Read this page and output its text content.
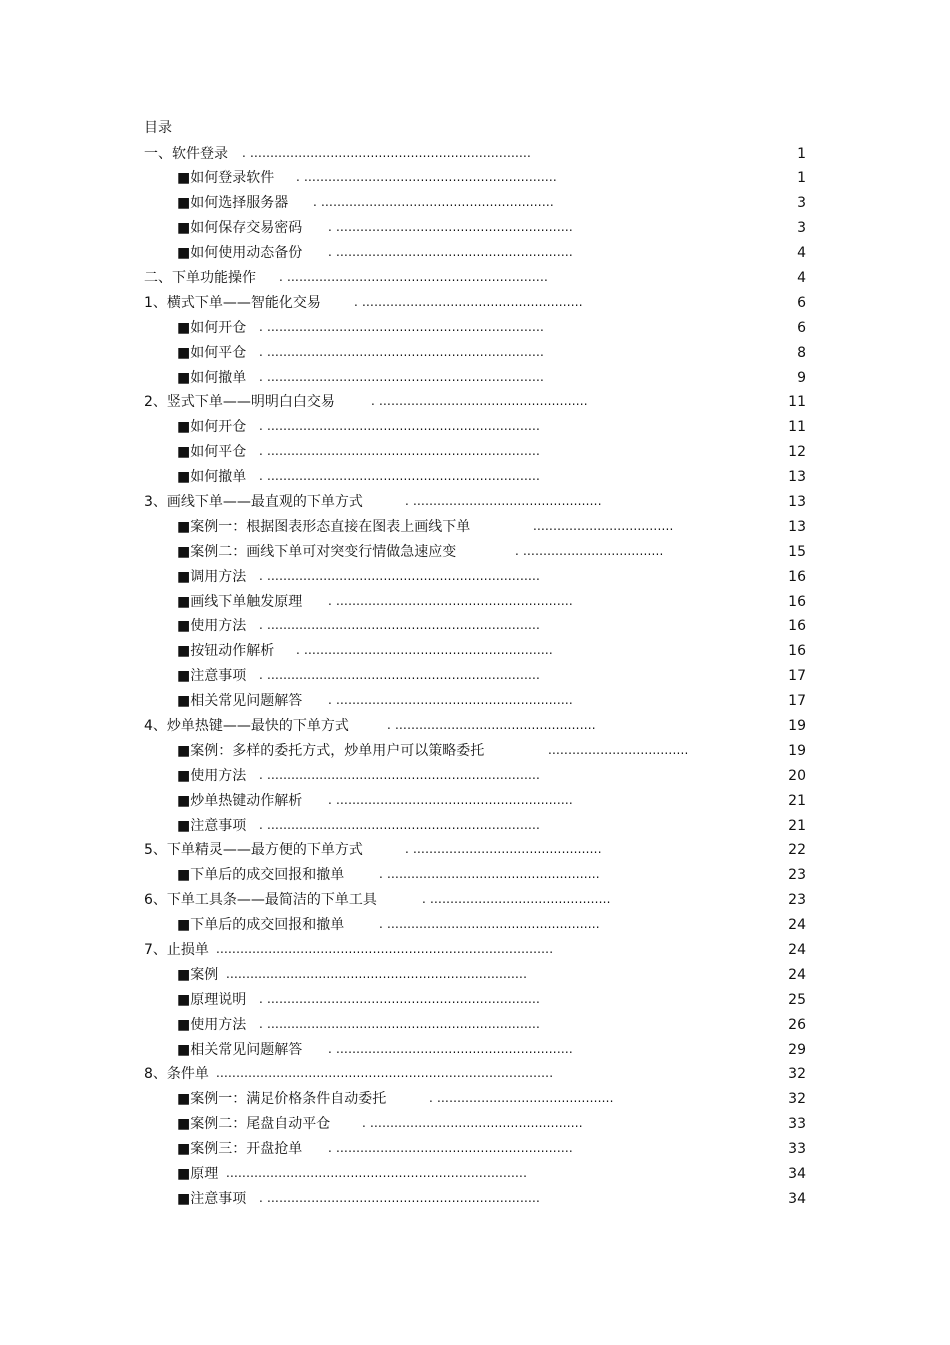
目录
一、软件登录 . ......................................................................	1
■如何登录软件 . ...............................................................	1
■如何选择服务器 . ..........................................................	3
■如何保存交易密码 . ...........................................................	3
■如何使用动态备份 . ...........................................................	4
二、下单功能操作 . .................................................................	4
1、横式下单——智能化交易	. .......................................................	6
■如何开仓 . .....................................................................	6
■如何平仓 . .....................................................................	8
■如何撤单 . .....................................................................	9
2、竖式下单——明明白白交易	. ....................................................	11
■如何开仓 . ....................................................................	11
■如何平仓 . ....................................................................	12
■如何撤单 . ....................................................................	13
3、画线下单——最直观的下单方式	. ...............................................	13
■案例一：根据图表形态直接在图表上画线下单	...................................	13
■案例二：画线下单可对突变行情做急速应变	. ...................................	15
■调用方法 . ....................................................................	16
■画线下单触发原理 . ...........................................................	16
■使用方法 . ....................................................................	16
■按钮动作解析 . ..............................................................	16
■注意事项 . ....................................................................	17
■相关常见问题解答 . ...........................................................	17
4、炒单热键——最快的下单方式	. ..................................................	19
■案例：多样的委托方式，炒单用户可以策略委托	...................................	19
■使用方法 . ....................................................................	20
■炒单热键动作解析 . ...........................................................	21
■注意事项 . ....................................................................	21
5、下单精灵——最方便的下单方式	. ...............................................	22
■下单后的成交回报和撤单	. .....................................................	23
6、下单工具条——最简洁的下单工具	. .............................................	23
■下单后的成交回报和撤单	. .....................................................	24
7、止损单 ....................................................................................	24
■案例 ...........................................................................	24
■原理说明 . ....................................................................	25
■使用方法 . ....................................................................	26
■相关常见问题解答 . ...........................................................	29
8、条件单 ....................................................................................	32
■案例一：满足价格条件自动委托	. ............................................	32
■案例二：尾盘自动平仓	. .....................................................	33
■案例三：开盘抢单 . ...........................................................	33
■原理 ...........................................................................	34
■注意事项 . ....................................................................	34
